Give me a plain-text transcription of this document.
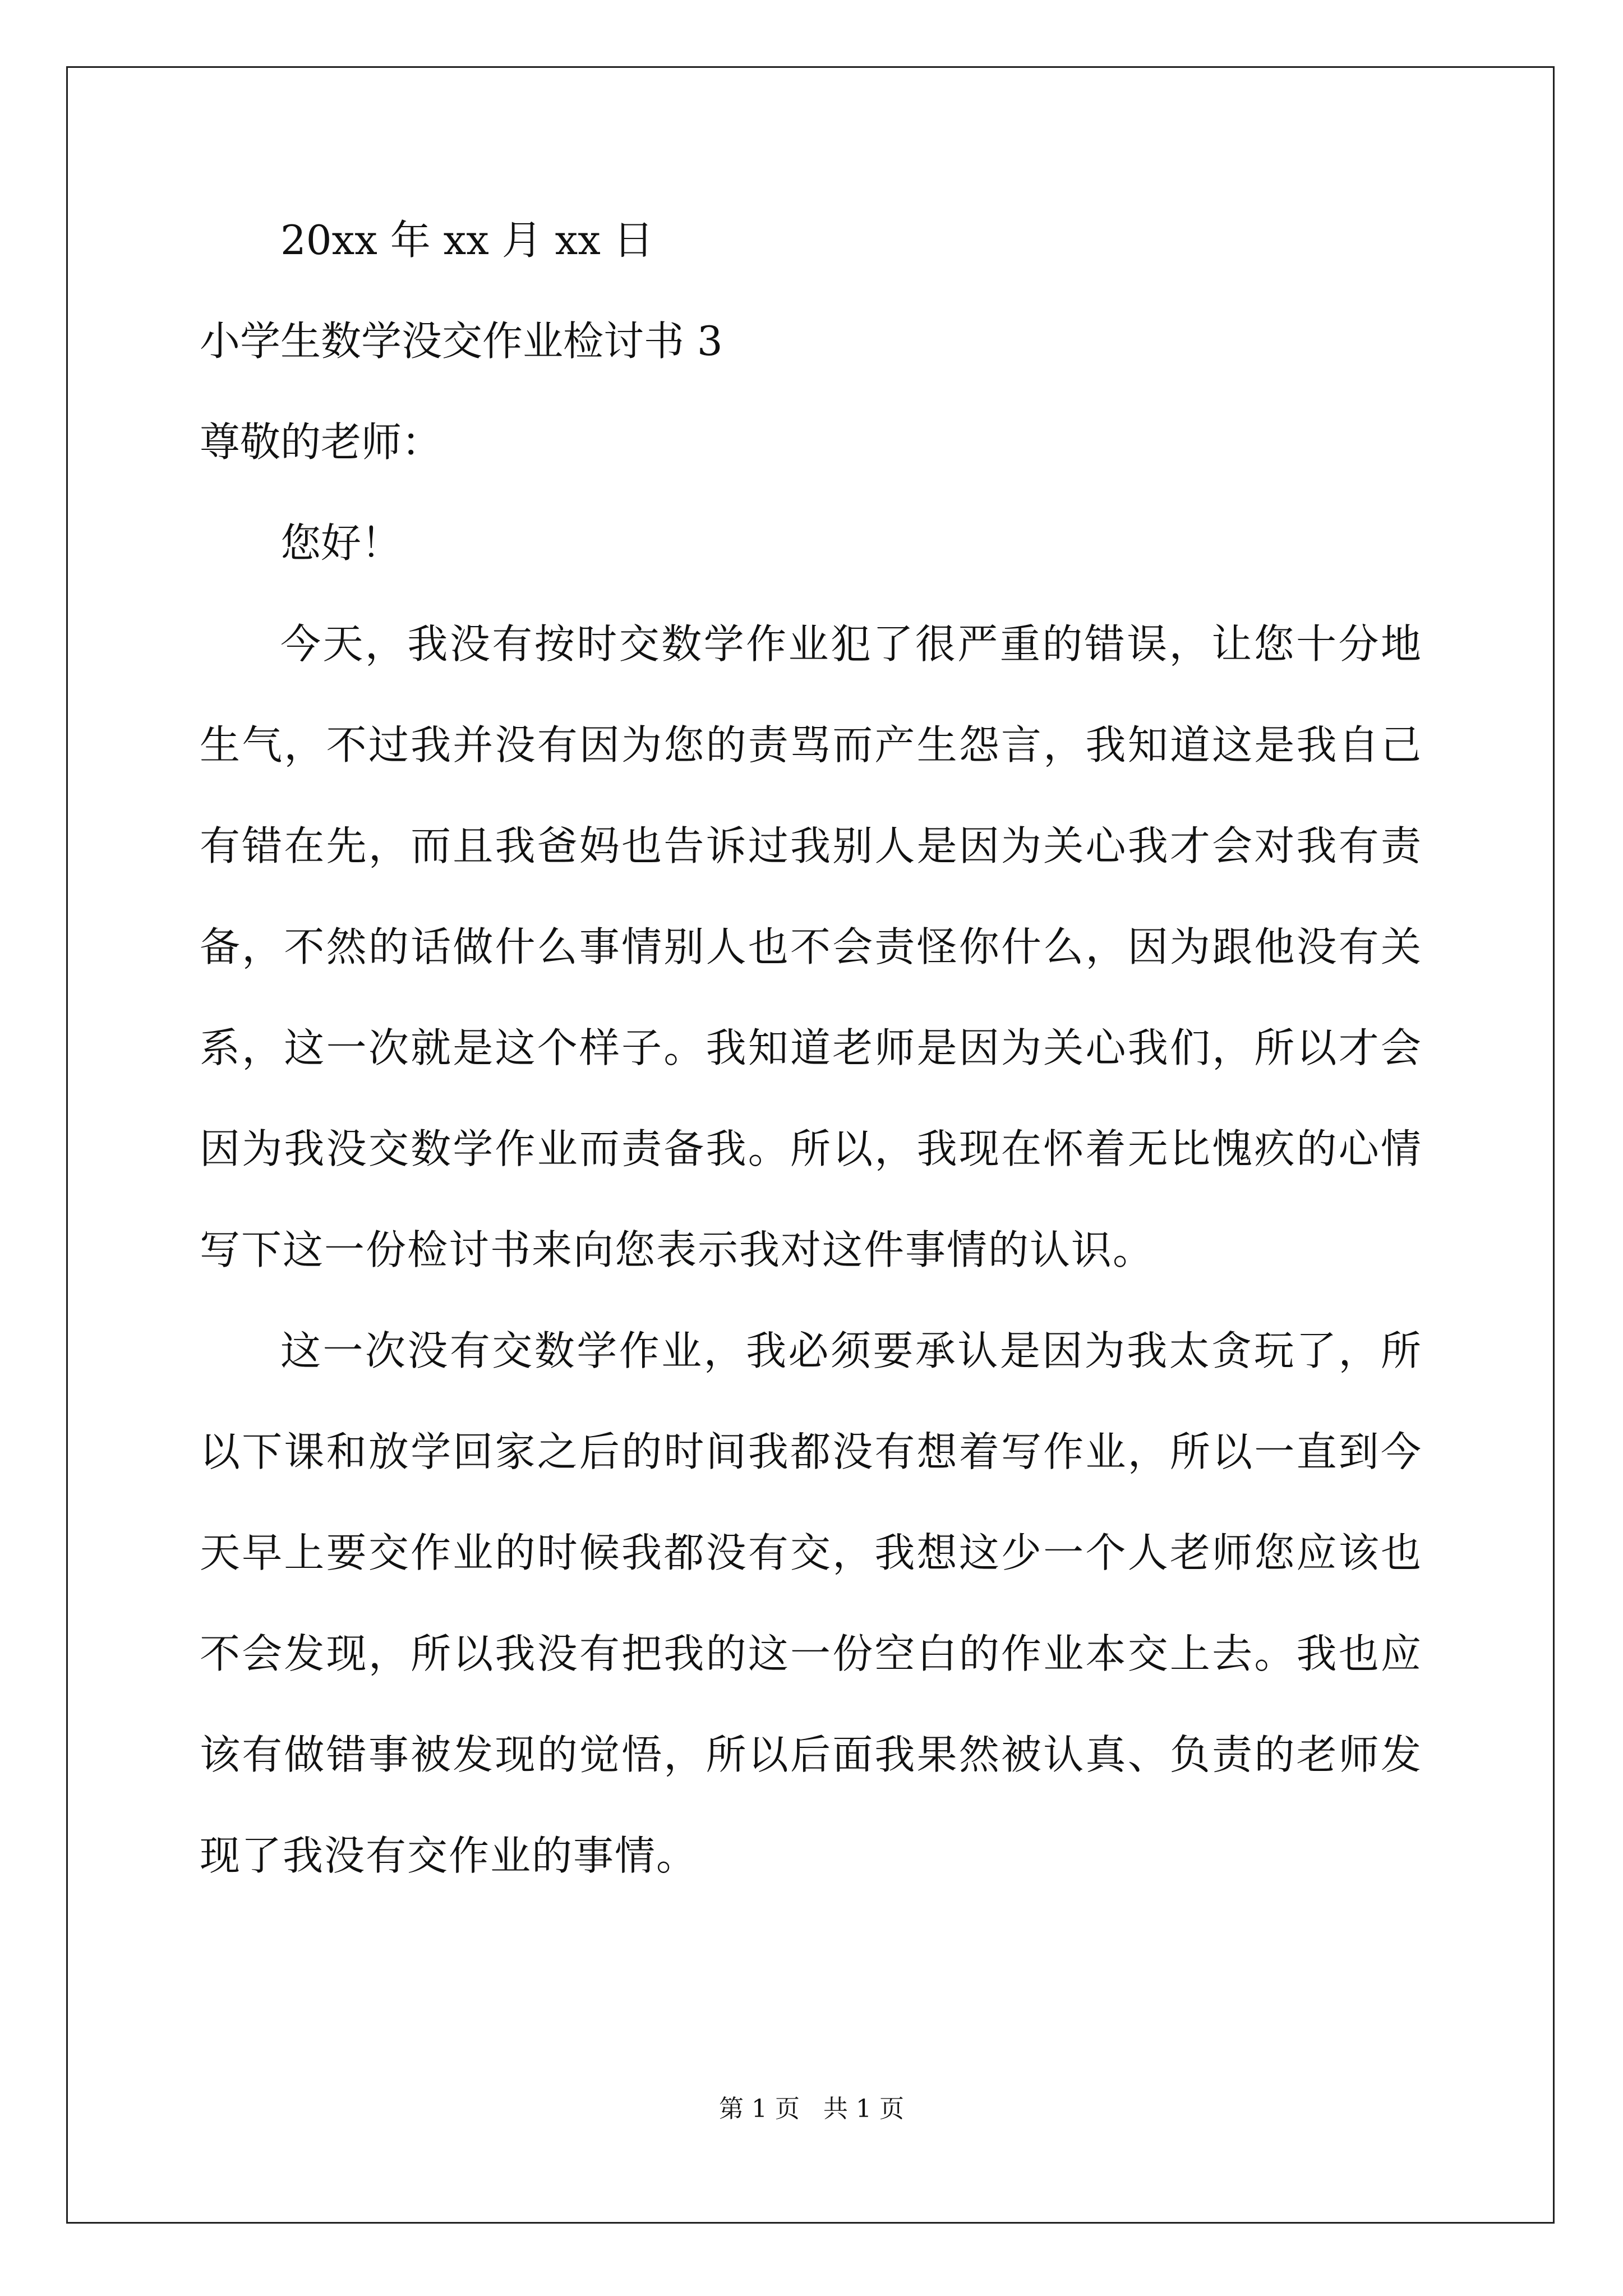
20xx 年 xx 月 xx 日
小学生数学没交作业检讨书 3
尊敬的老师：
您好！

今天，我没有按时交数学作业犯了很严重的错误，让您十分地生气，不过我并没有因为您的责骂而产生怨言，我知道这是我自己有错在先，而且我爸妈也告诉过我别人是因为关心我才会对我有责备，不然的话做什么事情别人也不会责怪你什么，因为跟他没有关系，这一次就是这个样子。我知道老师是因为关心我们，所以才会因为我没交数学作业而责备我。所以，我现在怀着无比愧疚的心情写下这一份检讨书来向您表示我对这件事情的认识。

这一次没有交数学作业，我必须要承认是因为我太贪玩了，所以下课和放学回家之后的时间我都没有想着写作业，所以一直到今天早上要交作业的时候我都没有交，我想这少一个人老师您应该也不会发现，所以我没有把我的这一份空白的作业本交上去。我也应该有做错事被发现的觉悟，所以后面我果然被认真、负责的老师发现了我没有交作业的事情。

第 1 页 共 1 页
